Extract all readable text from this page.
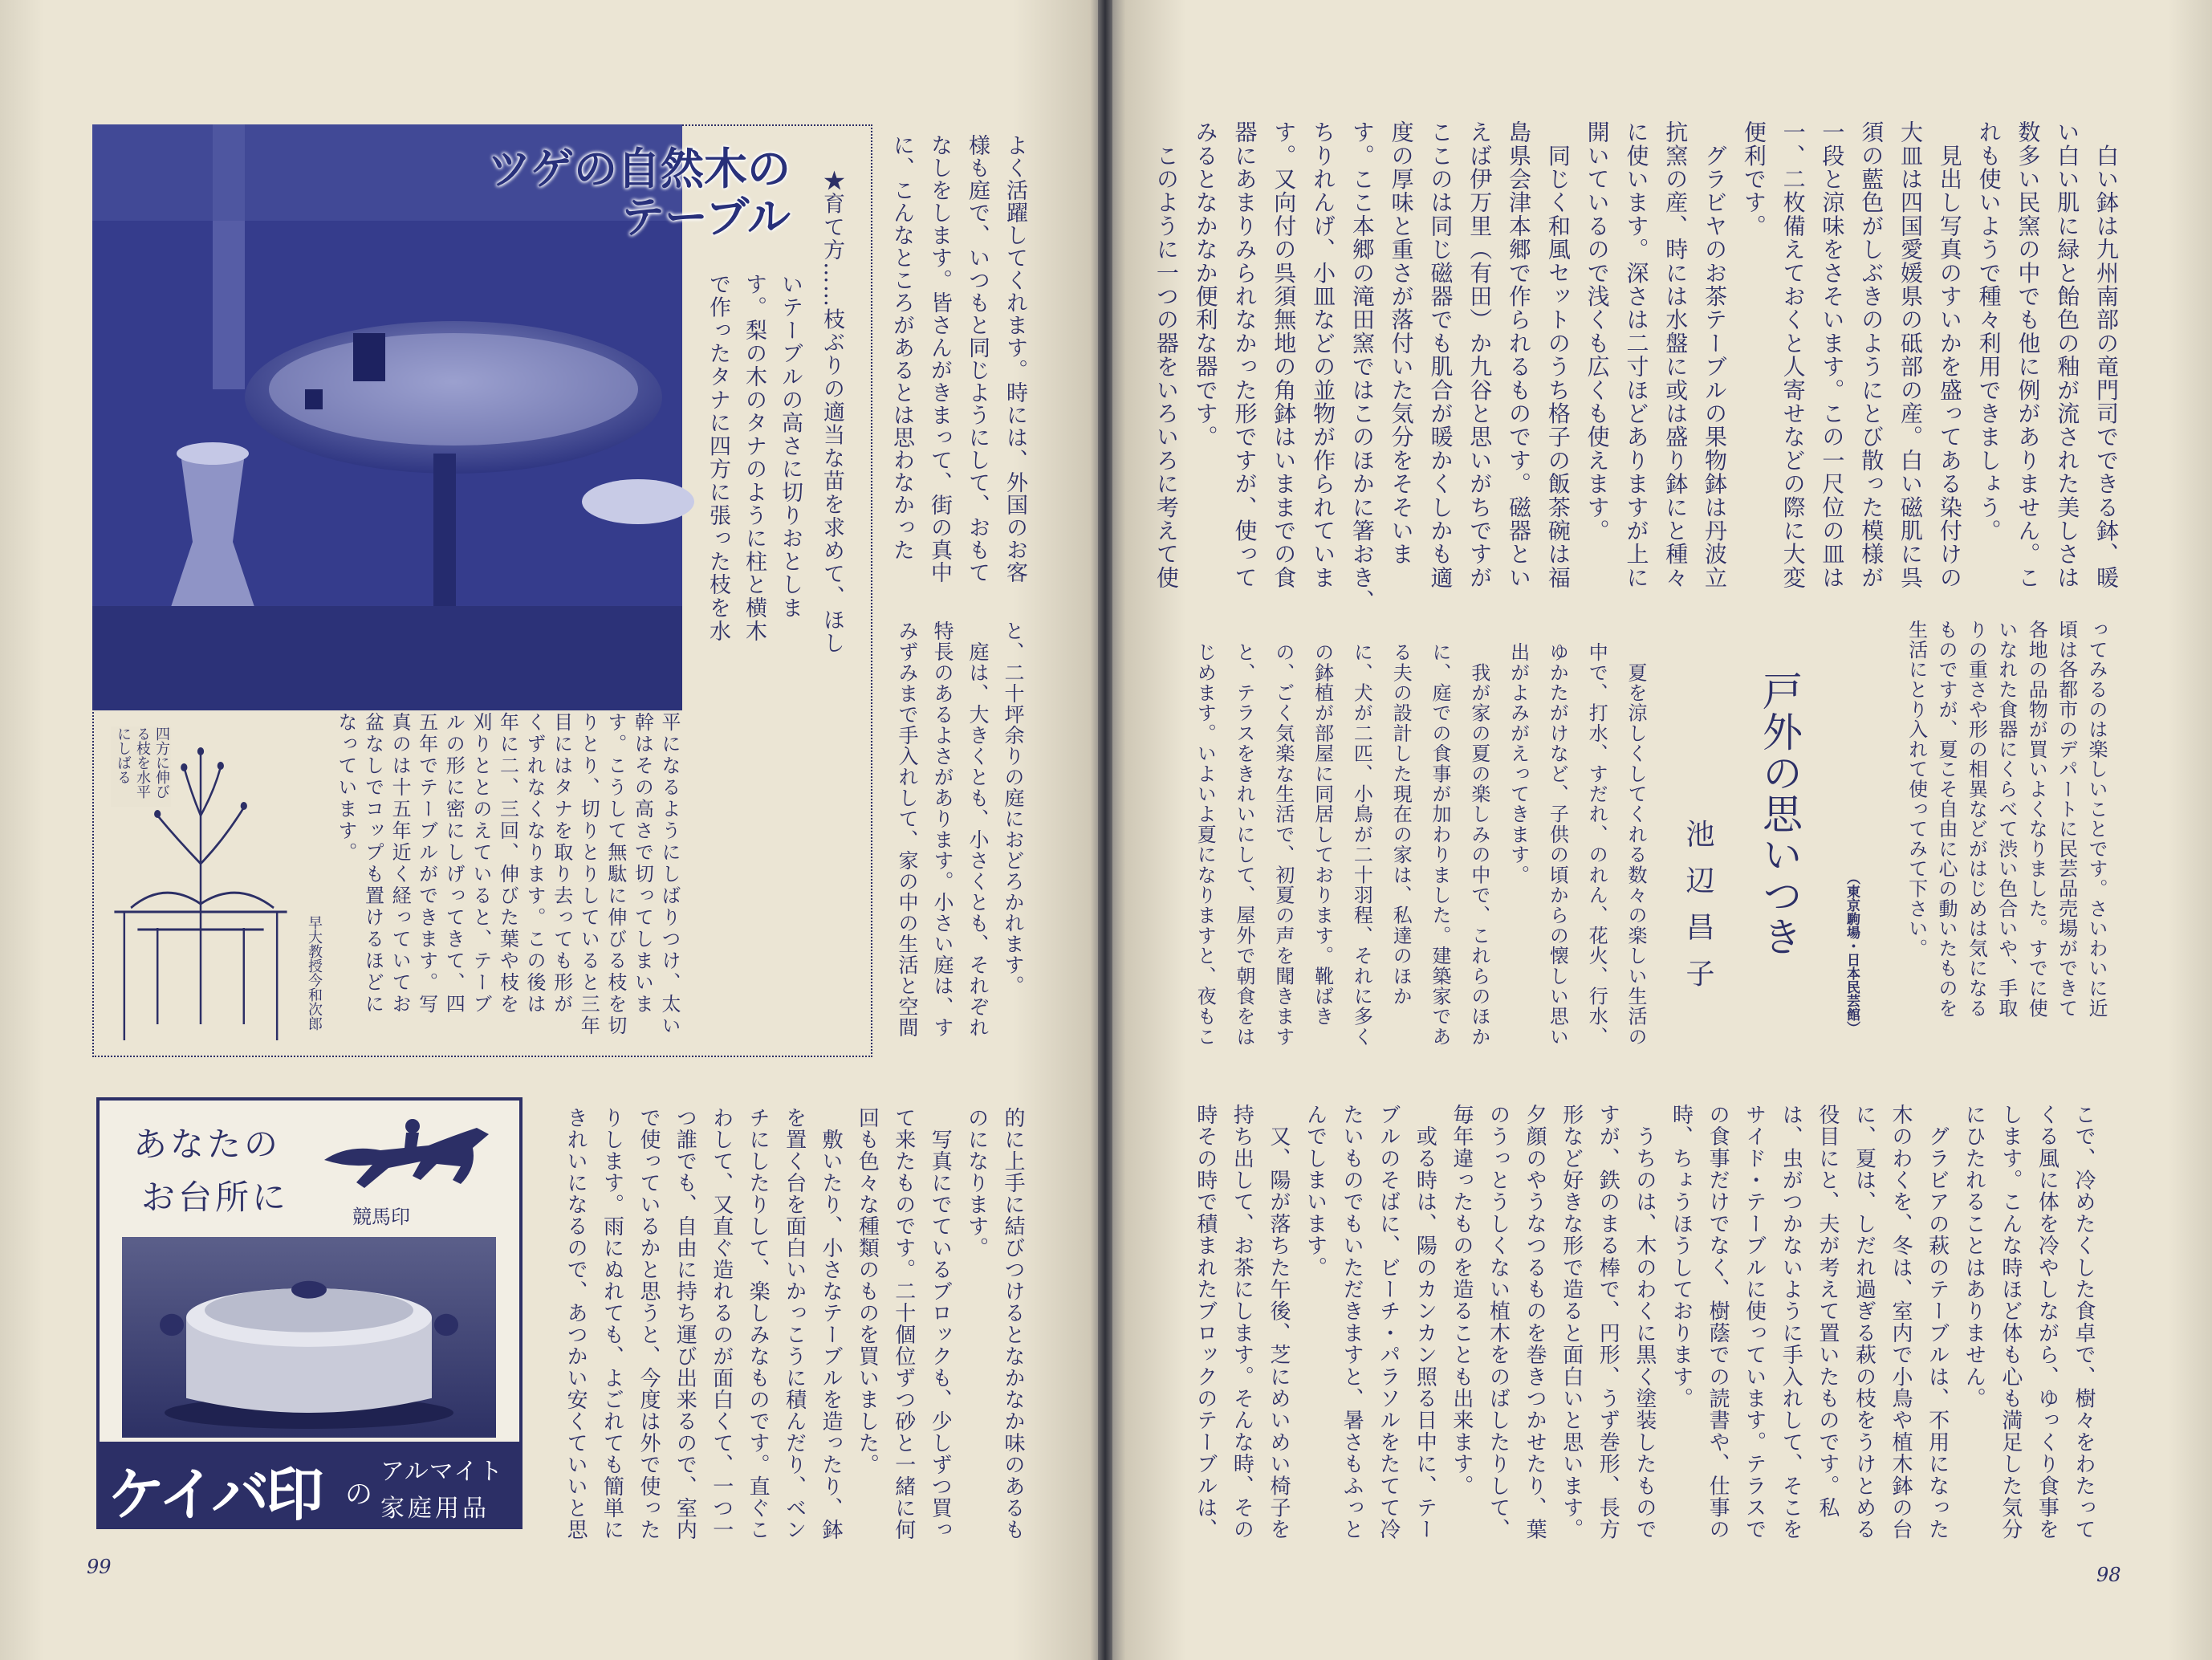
ツゲの自然木の
テーブル	★育て方……枝ぶりの適当な苗を求めて、ほし
いテーブルの高さに切りおとしま
す。梨の木のタナのように柱と横木
で作ったタナに四方に張った枝を水
平になるようにしばりつけ、太い
幹はその高さで切ってしまいま
す。こうして無駄に伸びる枝を切
りとり、切りとりしていると三年
目にはタナを取り去っても形が
くずれなくなります。この後は
年に二、三回、伸びた葉や枝を
刈りととのえていると、テーブ
ルの形に密にしげってきて、四
五年でテーブルができます。写
真のは十五年近く経っていてお
盆なしでコップも置けるほどに
なっています。
早大教授今和次郎
四方に伸び
る枝を水平
にしばる
よく活躍してくれます。時には、外国のお客
様も庭で、いつもと同じようにして、おもて
なしをします。皆さんがきまって、街の真中
に、こんなところがあるとは思わなかった
と、二十坪余りの庭におどろかれます。
　庭は、大きくとも、小さくとも、それぞれ
特長のあるよさがあります。小さい庭は、す
みずみまで手入れして、家の中の生活と空間
的に上手に結びつけるとなかなか味のあるも
のになります。
　写真にでているブロックも、少しずつ買っ
て来たものです。二十個位ずつ砂と一緒に何
回も色々な種類のものを買いました。
　敷いたり、小さなテーブルを造ったり、鉢
を置く台を面白いかっこうに積んだり、ベン
チにしたりして、楽しみなものです。直ぐこ
わして、又直ぐ造れるのが面白くて、一つ一
つ誰でも、自由に持ち運び出来るので、室内
で使っているかと思うと、今度は外で使った
りします。雨にぬれても、よごれても簡単に
きれいになるので、あつかい安くていいと思
あなたの
お台所に	競馬印
ケイバ印 の
アルマイト
家庭用品
99
　白い鉢は九州南部の竜門司でできる鉢、暖
い白い肌に緑と飴色の釉が流された美しさは
数多い民窯の中でも他に例がありません。こ
れも使いようで種々利用できましょう。
　見出し写真のすいかを盛ってある染付けの
大皿は四国愛媛県の砥部の産。白い磁肌に呉
須の藍色がしぶきのようにとび散った模様が
一段と涼味をさそいます。この一尺位の皿は
一、二枚備えておくと人寄せなどの際に大変
便利です。
　グラビヤのお茶テーブルの果物鉢は丹波立
抗窯の産、時には水盤に或は盛り鉢にと種々
に使います。深さは二寸ほどありますが上に
開いているので浅くも広くも使えます。
　同じく和風セットのうち格子の飯茶碗は福
島県会津本郷で作られるものです。磁器とい
えば伊万里（有田）か九谷と思いがちですが
ここのは同じ磁器でも肌合が暖かくしかも適
度の厚味と重さが落付いた気分をそそいま
す。ここ本郷の滝田窯ではこのほかに箸おき、
ちりれんげ、小皿などの並物が作られていま
す。又向付の呉須無地の角鉢はいままでの食
器にあまりみられなかった形ですが、使って
みるとなかなか便利な器です。
　このように一つの器をいろいろに考えて使
ってみるのは楽しいことです。さいわいに近
頃は各都市のデパートに民芸品売場ができて
各地の品物が買いよくなりました。すでに使
いなれた食器にくらべて渋い色合いや、手取
りの重さや形の相異などがはじめは気になる
ものですが、夏こそ自由に心の動いたものを
生活にとり入れて使ってみて下さい。
（東京駒場・日本民芸館）
戸外の思いつき
池辺昌子
　夏を涼しくしてくれる数々の楽しい生活の
中で、打水、すだれ、のれん、花火、行水、
ゆかたがけなど、子供の頃からの懐しい思い
出がよみがえってきます。
　我が家の夏の楽しみの中で、これらのほか
に、庭での食事が加わりました。建築家であ
る夫の設計した現在の家は、私達のほか
に、犬が二匹、小鳥が二十羽程、それに多く
の鉢植が部屋に同居しております。靴ばき
の、ごく気楽な生活で、初夏の声を聞きます
と、テラスをきれいにして、屋外で朝食をは
じめます。いよいよ夏になりますと、夜もこ
こで、冷めたくした食卓で、樹々をわたって
くる風に体を冷やしながら、ゆっくり食事を
します。こんな時ほど体も心も満足した気分
にひたれることはありません。
　グラビアの萩のテーブルは、不用になった
木のわくを、冬は、室内で小鳥や植木鉢の台
に、夏は、しだれ過ぎる萩の枝をうけとめる
役目にと、夫が考えて置いたものです。私
は、虫がつかないように手入れして、そこを
サイド・テーブルに使っています。テラスで
の食事だけでなく、樹蔭での読書や、仕事の
時、ちょうほうしております。
　うちのは、木のわくに黒く塗装したもので
すが、鉄のまる棒で、円形、うず巻形、長方
形など好きな形で造ると面白いと思います。
夕顔のやうなつるものを巻きつかせたり、葉
のうっとうしくない植木をのばしたりして、
毎年違ったものを造ることも出来ます。
　或る時は、陽のカンカン照る日中に、テー
ブルのそばに、ビーチ・パラソルをたてて冷
たいものでもいただきますと、暑さもふっと
んでしまいます。
　又、陽が落ちた午後、芝にめいめい椅子を
持ち出して、お茶にします。そんな時、その
時その時で積まれたブロックのテーブルは、
98
